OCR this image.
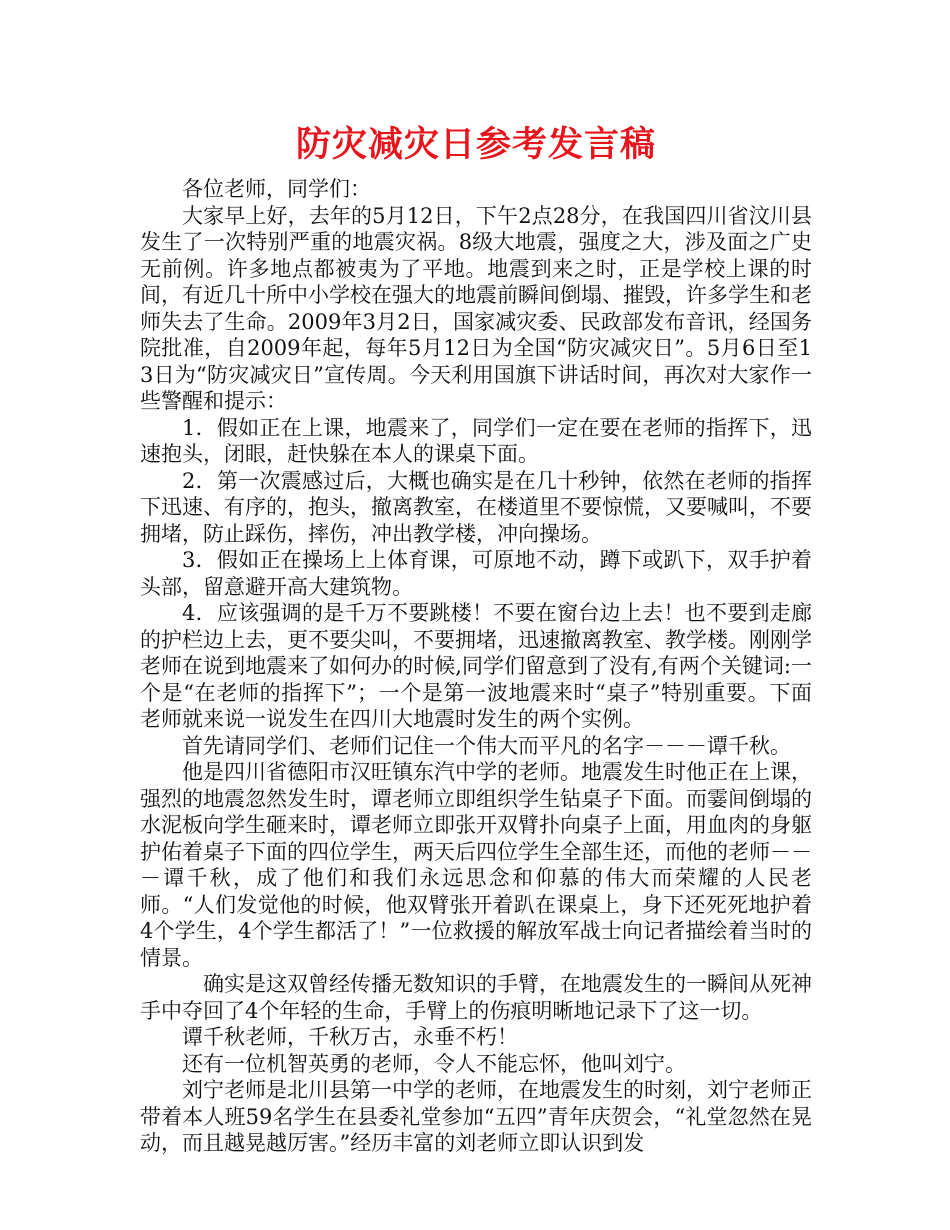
防灾减灾日参考发言稿

各位老师，同学们：

大家早上好，去年的5月12日，下午2点28分，在我国四川省汶川县发生了一次特别严重的地震灾祸。8级大地震，强度之大，涉及面之广史无前例。许多地点都被夷为了平地。地震到来之时，正是学校上课的时间，有近几十所中小学校在强大的地震前瞬间倒塌、摧毁，许多学生和老师失去了生命。2009年3月2日，国家减灾委、民政部发布音讯，经国务院批准，自2009年起，每年5月12日为全国“防灾减灾日”。5月6日至13日为“防灾减灾日”宣传周。今天利用国旗下讲话时间，再次对大家作一些警醒和提示：

1．假如正在上课，地震来了，同学们一定在要在老师的指挥下，迅速抱头，闭眼，赶快躲在本人的课桌下面。

2．第一次震感过后，大概也确实是在几十秒钟，依然在老师的指挥下迅速、有序的，抱头，撤离教室，在楼道里不要惊慌，又要喊叫，不要拥堵，防止踩伤，摔伤，冲出教学楼，冲向操场。

3．假如正在操场上上体育课，可原地不动，蹲下或趴下，双手护着头部，留意避开高大建筑物。

4．应该强调的是千万不要跳楼！不要在窗台边上去！也不要到走廊的护栏边上去，更不要尖叫，不要拥堵，迅速撤离教室、教学楼。刚刚学老师在说到地震来了如何办的时候,同学们留意到了没有,有两个关键词:一个是“在老师的指挥下”；一个是第一波地震来时“桌子”特别重要。下面老师就来说一说发生在四川大地震时发生的两个实例。

首先请同学们、老师们记住一个伟大而平凡的名字－－－谭千秋。

他是四川省德阳市汉旺镇东汽中学的老师。地震发生时他正在上课，强烈的地震忽然发生时，谭老师立即组织学生钻桌子下面。而霎间倒塌的水泥板向学生砸来时，谭老师立即张开双臂扑向桌子上面，用血肉的身躯护佑着桌子下面的四位学生，两天后四位学生全部生还，而他的老师－－－谭千秋，成了他们和我们永远思念和仰慕的伟大而荣耀的人民老师。“人们发觉他的时候，他双臂张开着趴在课桌上，身下还死死地护着4个学生，4个学生都活了！”一位救援的解放军战士向记者描绘着当时的情景。

确实是这双曾经传播无数知识的手臂，在地震发生的一瞬间从死神手中夺回了4个年轻的生命，手臂上的伤痕明晰地记录下了这一切。

谭千秋老师，千秋万古，永垂不朽！

还有一位机智英勇的老师，令人不能忘怀，他叫刘宁。

刘宁老师是北川县第一中学的老师，在地震发生的时刻，刘宁老师正带着本人班59名学生在县委礼堂参加“五四”青年庆贺会，“礼堂忽然在晃动，而且越晃越厉害。”经历丰富的刘老师立即认识到发
